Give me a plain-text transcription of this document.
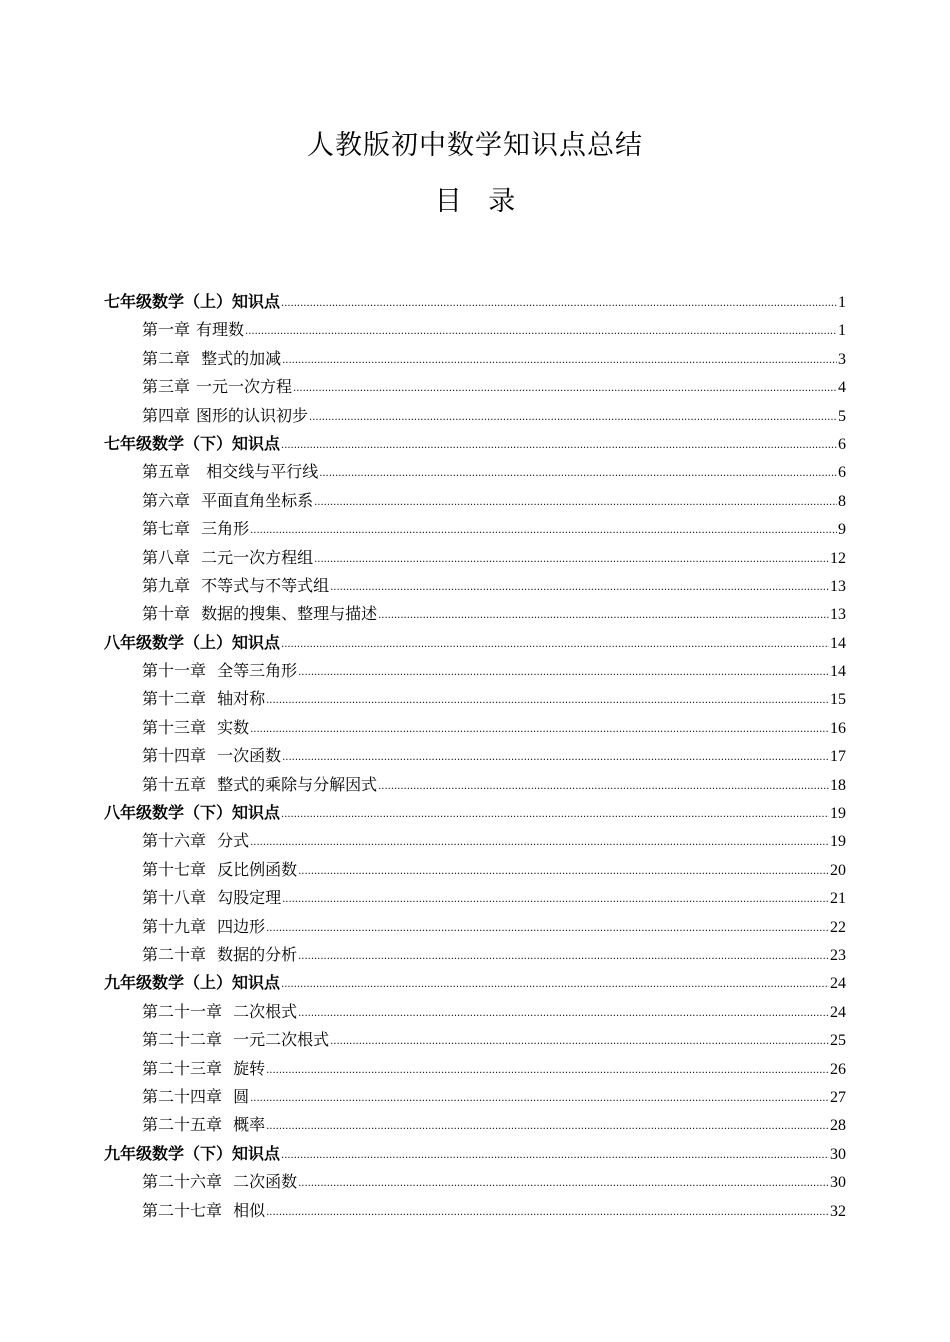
人教版初中数学知识点总结
目 录
七年级数学（上）知识点 .....	1
第一章 有理数 .....	1
第二章 整式的加减 .....	3
第三章 一元一次方程 .....	4
第四章 图形的认识初步 .....	5
七年级数学（下）知识点 .....	6
第五章  相交线与平行线 .....	6
第六章 平面直角坐标系 .....	8
第七章 三角形 .....	9
第八章 二元一次方程组 .....	12
第九章 不等式与不等式组 .....	13
第十章 数据的搜集、整理与描述 .....	13
八年级数学（上）知识点 .....	14
第十一章 全等三角形 .....	14
第十二章 轴对称 .....	15
第十三章 实数 .....	16
第十四章 一次函数 .....	17
第十五章 整式的乘除与分解因式 .....	18
八年级数学（下）知识点 .....	19
第十六章 分式 .....	19
第十七章 反比例函数 .....	20
第十八章 勾股定理 .....	21
第十九章 四边形 .....	22
第二十章 数据的分析 .....	23
九年级数学（上）知识点 .....	24
第二十一章 二次根式 .....	24
第二十二章 一元二次根式 .....	25
第二十三章 旋转 .....	26
第二十四章 圆 .....	27
第二十五章 概率 .....	28
九年级数学（下）知识点 .....	30
第二十六章 二次函数 .....	30
第二十七章 相似 .....	32
